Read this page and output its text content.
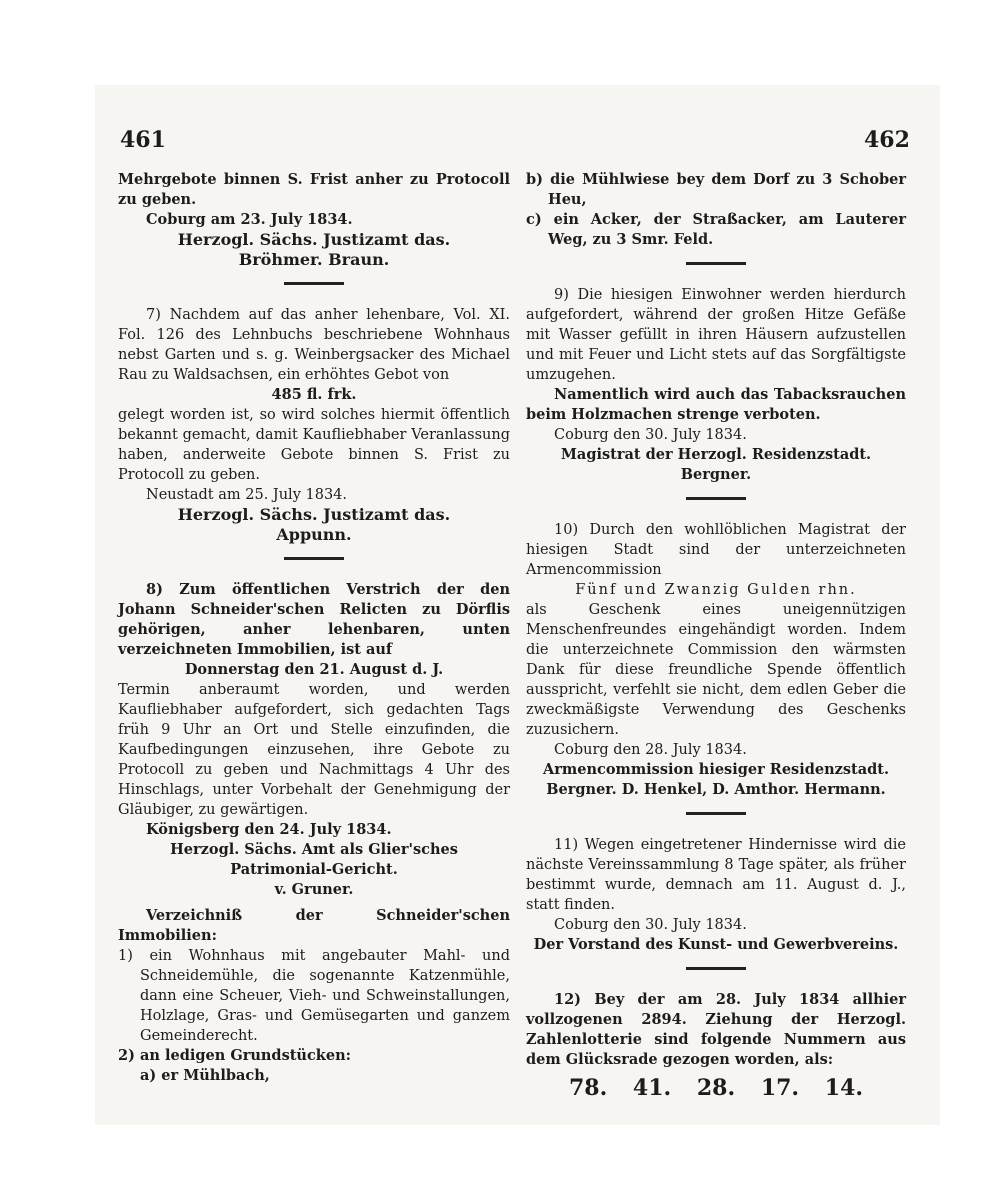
461	462
Mehrgebote binnen S. Frist anher zu Protocoll zu geben.
Coburg am 23. July 1834.
Herzogl. Sächs. Justizamt das.
Bröhmer. Braun.
7) Nachdem auf das anher lehenbare, Vol. XI. Fol. 126 des Lehnbuchs beschriebene Wohnhaus nebst Garten und s. g. Weinbergsacker des Michael Rau zu Waldsachsen, ein erhöhtes Gebot von
485 fl. frk.
gelegt worden ist, so wird solches hiermit öffentlich bekannt gemacht, damit Kaufliebhaber Veranlassung haben, anderweite Gebote binnen S. Frist zu Protocoll zu geben.
Neustadt am 25. July 1834.
Herzogl. Sächs. Justizamt das.
Appunn.
8) Zum öffentlichen Verstrich der den Johann Schneider'schen Relicten zu Dörflis gehörigen, anher lehenbaren, unten verzeichneten Immobilien, ist auf
Donnerstag den 21. August d. J.
Termin anberaumt worden, und werden Kaufliebhaber aufgefordert, sich gedachten Tags früh 9 Uhr an Ort und Stelle einzufinden, die Kaufbedingungen einzusehen, ihre Gebote zu Protocoll zu geben und Nachmittags 4 Uhr des Hinschlags, unter Vorbehalt der Genehmigung der Gläubiger, zu gewärtigen.
Königsberg den 24. July 1834.
Herzogl. Sächs. Amt als Glier'sches Patrimonial-Gericht.
v. Gruner.
Verzeichniß der Schneider'schen Immobilien:
1) ein Wohnhaus mit angebauter Mahl- und Schneidemühle, die sogenannte Katzenmühle, dann eine Scheuer, Vieh- und Schweinstallungen, Holzlage, Gras- und Gemüsegarten und ganzem Gemeinderecht.
2) an ledigen Grundstücken:
a) er Mühlbach,
b) die Mühlwiese bey dem Dorf zu 3 Schober Heu,
c) ein Acker, der Straßacker, am Lauterer Weg, zu 3 Smr. Feld.
9) Die hiesigen Einwohner werden hierdurch aufgefordert, während der großen Hitze Gefäße mit Wasser gefüllt in ihren Häusern aufzustellen und mit Feuer und Licht stets auf das Sorgfältigste umzugehen.
Namentlich wird auch das Tabacksrauchen beim Holzmachen strenge verboten.
Coburg den 30. July 1834.
Magistrat der Herzogl. Residenzstadt.
Bergner.
10) Durch den wohllöblichen Magistrat der hiesigen Stadt sind der unterzeichneten Armencommission
Fünf und Zwanzig Gulden rhn.
als Geschenk eines uneigennützigen Menschenfreundes eingehändigt worden. Indem die unterzeichnete Commission den wärmsten Dank für diese freundliche Spende öffentlich ausspricht, verfehlt sie nicht, dem edlen Geber die zweckmäßigste Verwendung des Geschenks zuzusichern.
Coburg den 28. July 1834.
Armencommission hiesiger Residenzstadt.
Bergner. D. Henkel, D. Amthor. Hermann.
11) Wegen eingetretener Hindernisse wird die nächste Vereinssammlung 8 Tage später, als früher bestimmt wurde, demnach am 11. August d. J., statt finden.
Coburg den 30. July 1834.
Der Vorstand des Kunst- und Gewerbvereins.
12) Bey der am 28. July 1834 allhier vollzogenen 2894. Ziehung der Herzogl. Zahlenlotterie sind folgende Nummern aus dem Glücksrade gezogen worden, als:
78. 41. 28. 17. 14.
